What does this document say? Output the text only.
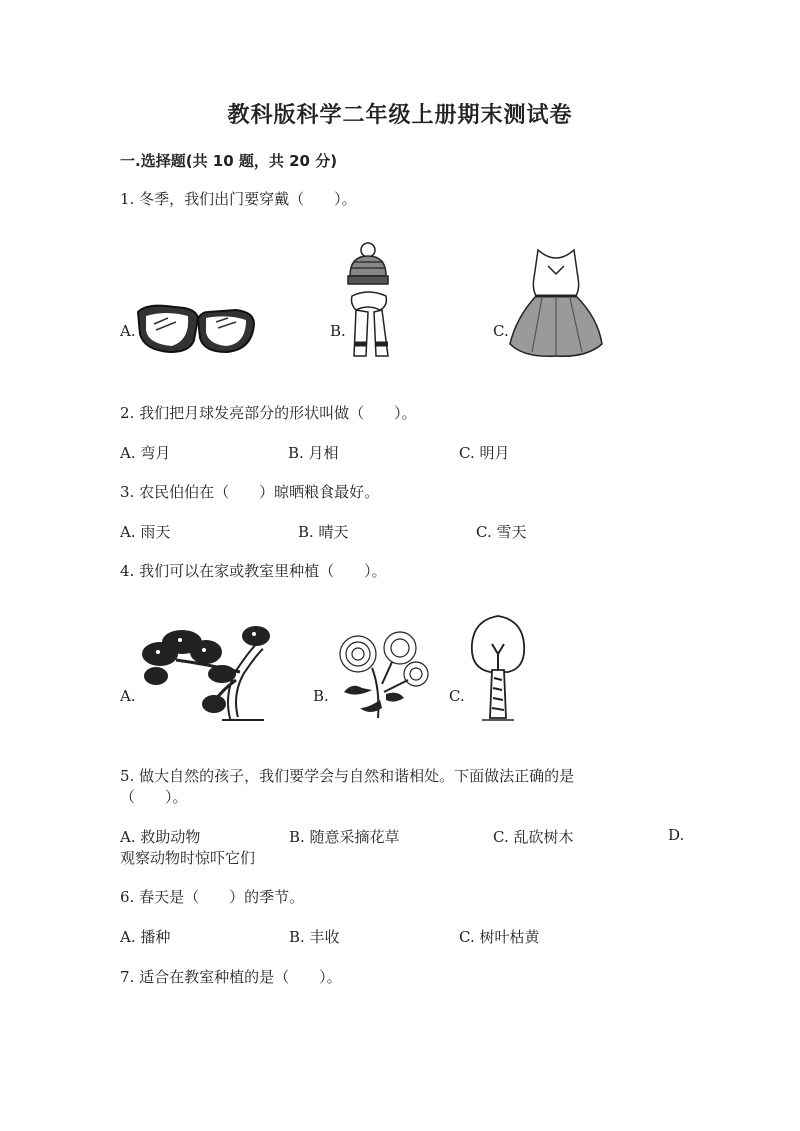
教科版科学二年级上册期末测试卷
一.选择题(共 10 题，共 20 分)
1. 冬季，我们出门要穿戴（　　）。
A.	B.	C.
2. 我们把月球发亮部分的形状叫做（　　）。
A. 弯月	B. 月相	C. 明月
3. 农民伯伯在（　　）晾晒粮食最好。
A. 雨天	B. 晴天	C. 雪天
4. 我们可以在家或教室里种植（　　）。
A.	B.	C.
5. 做大自然的孩子，我们要学会与自然和谐相处。下面做法正确的是
（　　）。
A. 救助动物	B. 随意采摘花草	C. 乱砍树木	D.
观察动物时惊吓它们
6. 春天是（　　）的季节。
A. 播种	B. 丰收	C. 树叶枯黄
7. 适合在教室种植的是（　　）。
